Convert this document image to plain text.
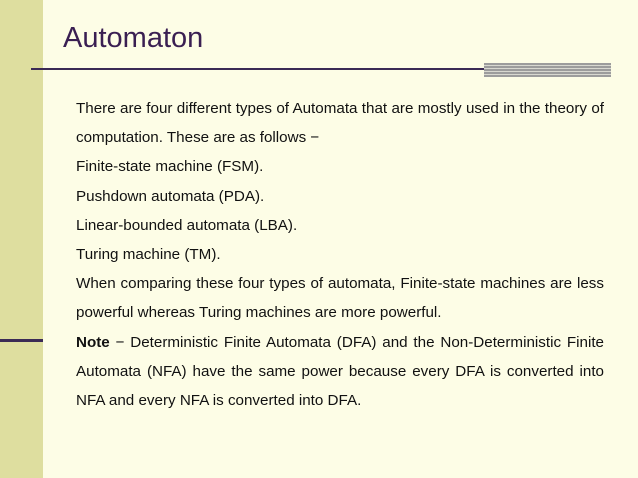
Automaton

There are four different types of Automata that are mostly used in the theory of computation. These are as follows −

Finite-state machine (FSM).

Pushdown automata (PDA).

Linear-bounded automata (LBA).

Turing machine (TM).

When comparing these four types of automata, Finite-state machines are less powerful whereas Turing machines are more powerful.

Note − Deterministic Finite Automata (DFA) and the Non-Deterministic Finite Automata (NFA) have the same power because every DFA is converted into NFA and every NFA is converted into DFA.
